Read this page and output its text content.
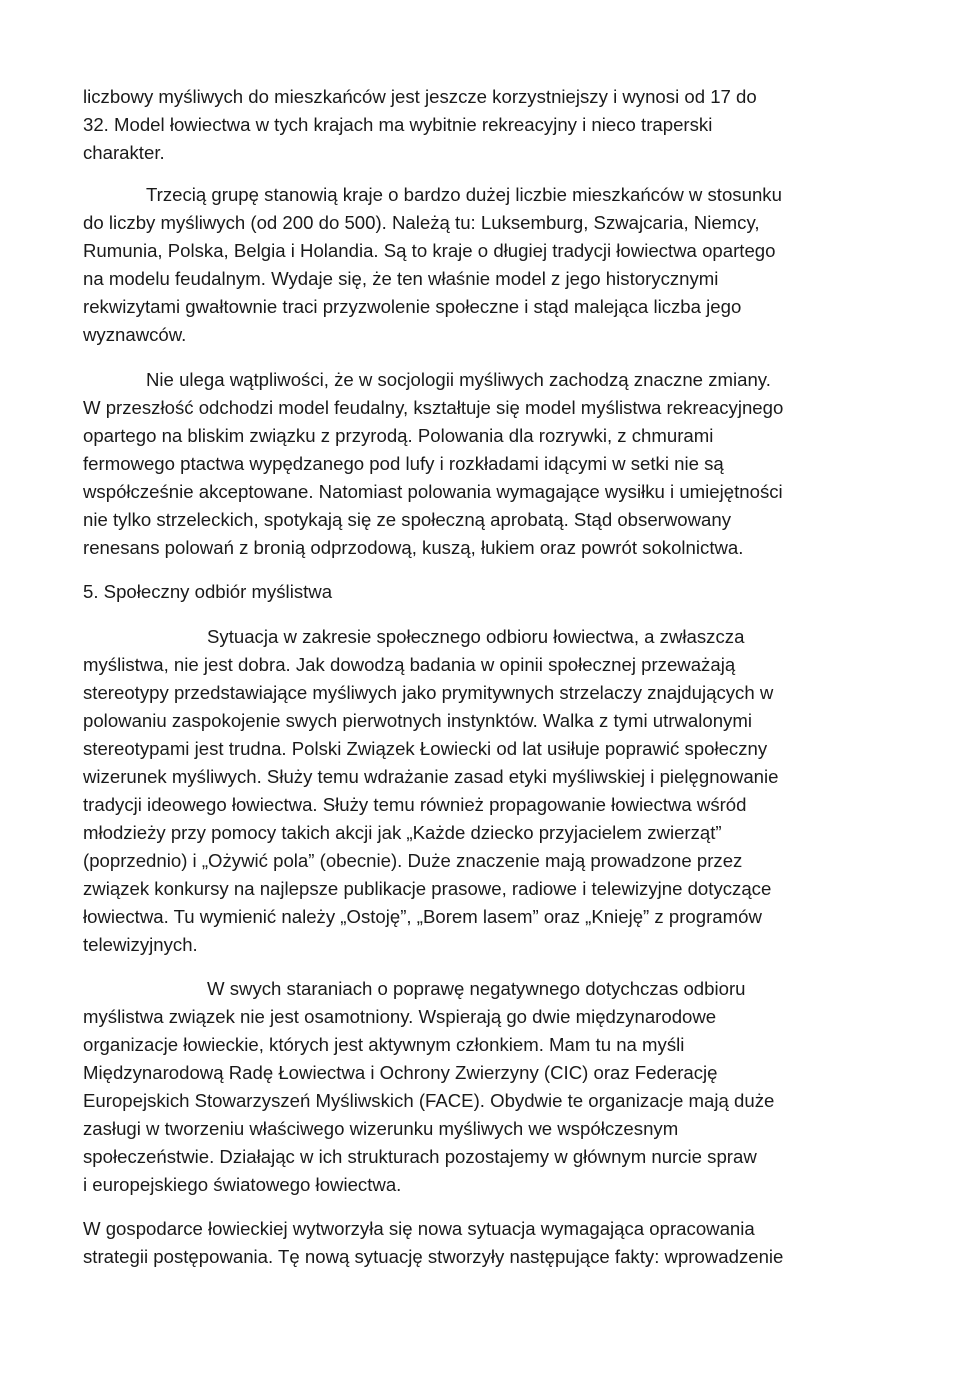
liczbowy myśliwych do mieszkańców jest jeszcze korzystniejszy i wynosi od 17 do

32. Model łowiectwa w tych krajach ma wybitnie rekreacyjny i nieco traperski

charakter.

Trzecią grupę stanowią kraje o bardzo dużej liczbie mieszkańców w stosunku

do liczby myśliwych (od 200 do 500). Należą tu: Luksemburg, Szwajcaria, Niemcy,

Rumunia, Polska, Belgia i Holandia. Są to kraje o długiej tradycji łowiectwa opartego

na modelu feudalnym. Wydaje się, że ten właśnie model z jego historycznymi

rekwizytami gwałtownie traci przyzwolenie społeczne i stąd malejąca liczba jego

wyznawców.

Nie ulega wątpliwości, że w socjologii myśliwych zachodzą znaczne zmiany.

W przeszłość odchodzi model feudalny, kształtuje się model myślistwa rekreacyjnego

opartego na bliskim związku z przyrodą. Polowania dla rozrywki, z chmurami

fermowego ptactwa wypędzanego pod lufy i rozkładami idącymi w setki nie są

współcześnie akceptowane. Natomiast polowania wymagające wysiłku i umiejętności

nie tylko strzeleckich, spotykają się ze społeczną aprobatą. Stąd obserwowany

renesans polowań z bronią odprzodową, kuszą, łukiem oraz powrót sokolnictwa.

5. Społeczny odbiór myślistwa

Sytuacja w zakresie społecznego odbioru łowiectwa, a zwłaszcza

myślistwa, nie jest dobra. Jak dowodzą badania w opinii społecznej przeważają

stereotypy przedstawiające myśliwych jako prymitywnych strzelaczy znajdujących w

polowaniu zaspokojenie swych pierwotnych instynktów. Walka z tymi utrwalonymi

stereotypami jest trudna. Polski Związek Łowiecki od lat usiłuje poprawić społeczny

wizerunek myśliwych. Służy temu wdrażanie zasad etyki myśliwskiej i pielęgnowanie

tradycji ideowego łowiectwa. Służy temu również propagowanie łowiectwa wśród

młodzieży przy pomocy takich akcji jak „Każde dziecko przyjacielem zwierząt”

(poprzednio) i „Ożywić pola” (obecnie). Duże znaczenie mają prowadzone przez

związek konkursy na najlepsze publikacje prasowe, radiowe i telewizyjne dotyczące

łowiectwa. Tu wymienić należy „Ostoję”, „Borem lasem” oraz „Knieję” z programów

telewizyjnych.

W swych staraniach o poprawę negatywnego dotychczas odbioru

myślistwa związek nie jest osamotniony. Wspierają go dwie międzynarodowe

organizacje łowieckie, których jest aktywnym członkiem. Mam tu na myśli

Międzynarodową Radę Łowiectwa i Ochrony Zwierzyny (CIC) oraz Federację

Europejskich Stowarzyszeń Myśliwskich (FACE). Obydwie te organizacje mają duże

zasługi w tworzeniu właściwego wizerunku myśliwych we współczesnym

społeczeństwie. Działając w ich strukturach pozostajemy w głównym nurcie spraw

i europejskiego światowego łowiectwa.

W gospodarce łowieckiej wytworzyła się nowa sytuacja wymagająca opracowania

strategii postępowania. Tę nową sytuację stworzyły następujące fakty: wprowadzenie
